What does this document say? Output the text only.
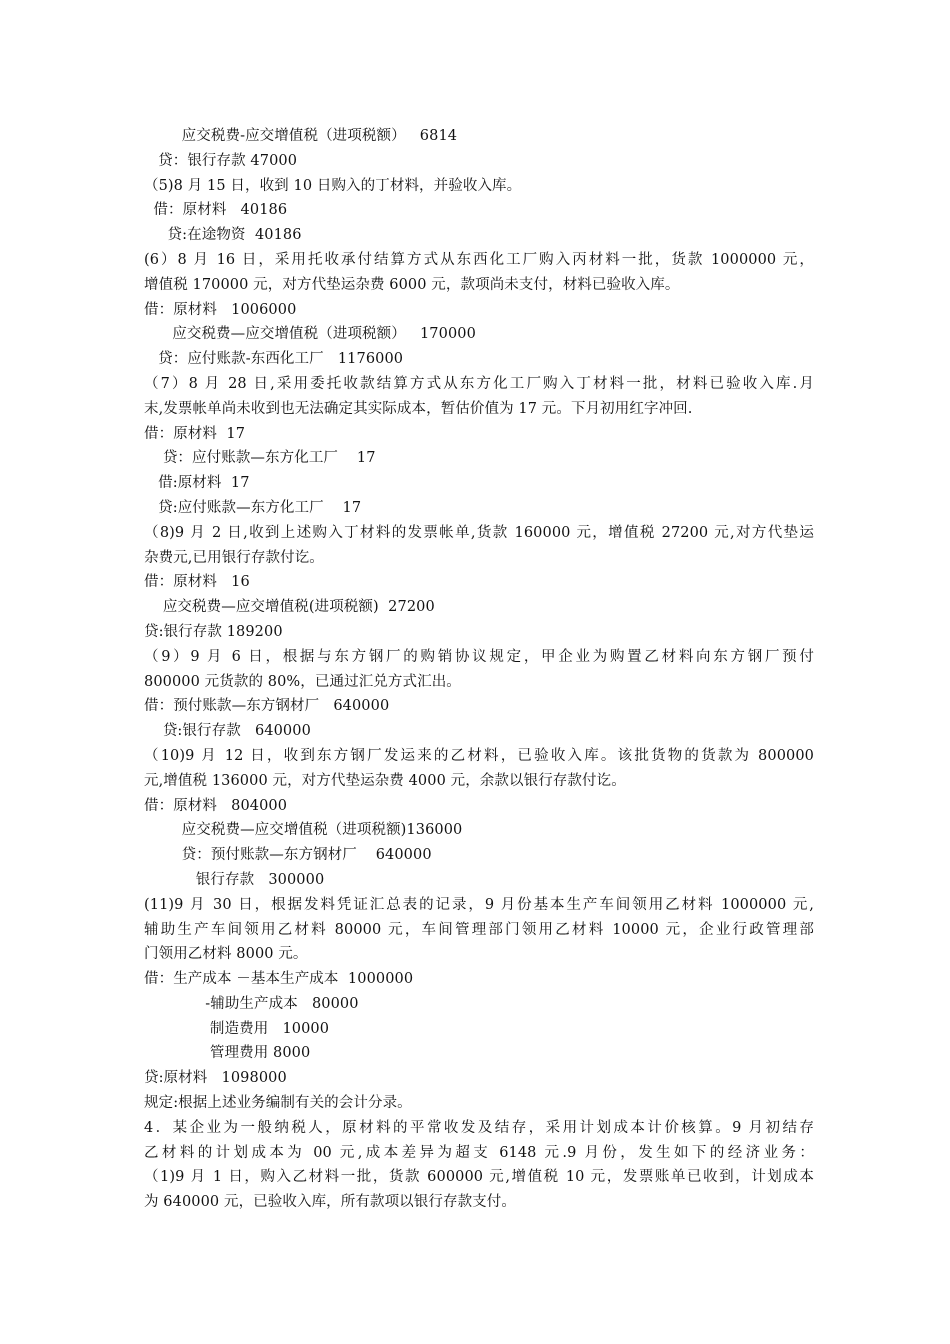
应交税费-应交增值税（进项税额）   6814
贷：银行存款 47000
（5)8 月 15 日，收到 10 日购入的丁材料，并验收入库。
借：原材料   40186
贷:在途物资  40186
(6）8 月 16 日，采用托收承付结算方式从东西化工厂购入丙材料一批，货款 1000000 元，
增值税 170000 元，对方代垫运杂费 6000 元，款项尚未支付，材料已验收入库。
借：原材料   1006000
应交税费—应交增值税（进项税额）   170000
贷：应付账款-东西化工厂   1176000
（7）8 月 28 日,采用委托收款结算方式从东方化工厂购入丁材料一批，材料已验收入库.月
末,发票帐单尚未收到也无法确定其实际成本，暂估价值为 17 元。下月初用红字冲回.
借：原材料  17
贷：应付账款—东方化工厂    17
借:原材料  17
贷:应付账款—东方化工厂    17
（8)9 月 2 日,收到上述购入丁材料的发票帐单,货款 160000 元，增值税 27200 元,对方代垫运
杂费元,已用银行存款付讫。
借：原材料   16
应交税费—应交增值税(进项税额)  27200
贷:银行存款 189200
（9）9 月 6 日，根据与东方钢厂的购销协议规定，甲企业为购置乙材料向东方钢厂预付
800000 元货款的 80%，已通过汇兑方式汇出。
借：预付账款—东方钢材厂   640000
贷:银行存款   640000
（10)9 月 12 日，收到东方钢厂发运来的乙材料，已验收入库。该批货物的货款为 800000
元,增值税 136000 元，对方代垫运杂费 4000 元，余款以银行存款付讫。
借：原材料   804000
应交税费—应交增值税（进项税额)136000
贷：预付账款—东方钢材厂    640000
银行存款   300000
(11)9 月 30 日，根据发料凭证汇总表的记录，9 月份基本生产车间领用乙材料 1000000 元,
辅助生产车间领用乙材料 80000 元，车间管理部门领用乙材料 10000 元，企业行政管理部
门领用乙材料 8000 元。
借：生产成本 －基本生产成本  1000000
-辅助生产成本   80000
制造费用   10000
管理费用 8000
贷:原材料   1098000
规定:根据上述业务编制有关的会计分录。
4．某企业为一般纳税人，原材料的平常收发及结存，采用计划成本计价核算。9 月初结存
乙材料的计划成本为 00 元,成本差异为超支 6148 元.9 月份，发生如下的经济业务：
（1)9 月 1 日，购入乙材料一批，货款 600000 元,增值税 10 元，发票账单已收到，计划成本
为 640000 元，已验收入库，所有款项以银行存款支付。
